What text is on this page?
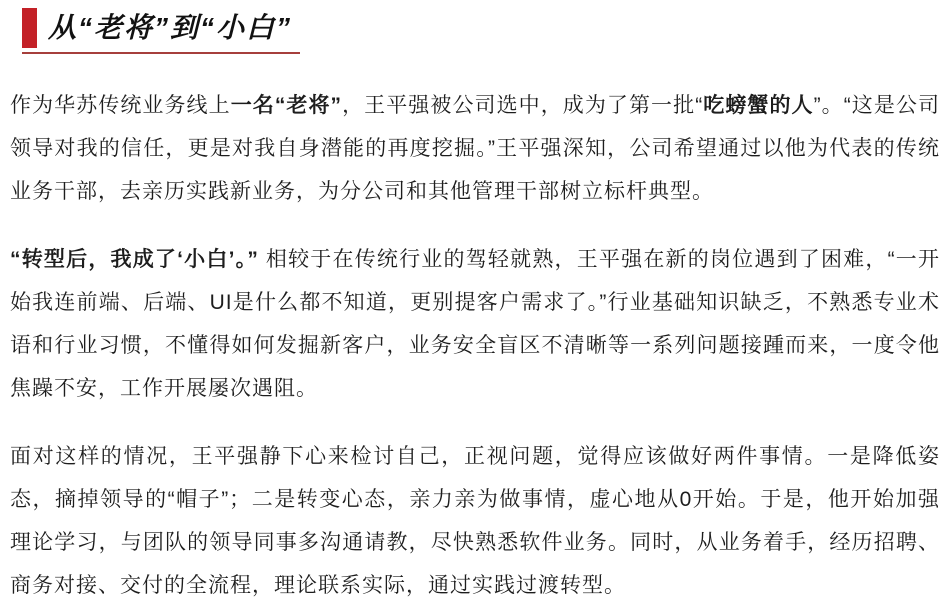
从“老将”到“小白”

作为华苏传统业务线上一名“老将”，王平强被公司选中，成为了第一批“吃螃蟹的人”。“这是公司领导对我的信任，更是对我自身潜能的再度挖掘。”王平强深知，公司希望通过以他为代表的传统业务干部，去亲历实践新业务，为分公司和其他管理干部树立标杆典型。

“转型后，我成了‘小白’。” 相较于在传统行业的驾轻就熟，王平强在新的岗位遇到了困难，“一开始我连前端、后端、UI是什么都不知道，更别提客户需求了。”行业基础知识缺乏，不熟悉专业术语和行业习惯，不懂得如何发掘新客户，业务安全盲区不清晰等一系列问题接踵而来，一度令他焦躁不安，工作开展屡次遇阻。

面对这样的情况，王平强静下心来检讨自己，正视问题，觉得应该做好两件事情。一是降低姿态，摘掉领导的“帽子”；二是转变心态，亲力亲为做事情，虚心地从0开始。于是，他开始加强理论学习，与团队的领导同事多沟通请教，尽快熟悉软件业务。同时，从业务着手，经历招聘、商务对接、交付的全流程，理论联系实际，通过实践过渡转型。
